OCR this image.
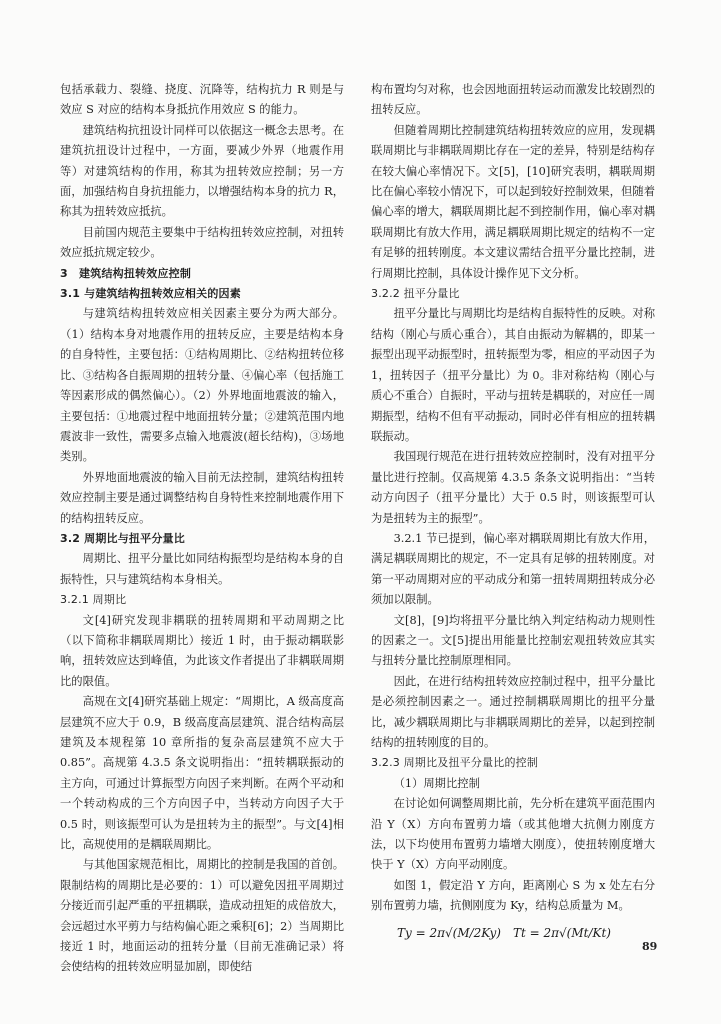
包括承载力、裂缝、挠度、沉降等，结构抗力 R 则是与效应 S 对应的结构本身抵抗作用效应 S 的能力。

建筑结构抗扭设计同样可以依据这一概念去思考。在建筑抗扭设计过程中，一方面，要减少外界（地震作用等）对建筑结构的作用，称其为扭转效应控制；另一方面，加强结构自身抗扭能力，以增强结构本身的抗力 R，称其为扭转效应抵抗。

目前国内规范主要集中于结构扭转效应控制，对扭转效应抵抗规定较少。

3　建筑结构扭转效应控制

3.1 与建筑结构扭转效应相关的因素

与建筑结构扭转效应相关因素主要分为两大部分。（1）结构本身对地震作用的扭转反应，主要是结构本身的自身特性，主要包括：①结构周期比、②结构扭转位移比、③结构各自振周期的扭转分量、④偏心率（包括施工等因素形成的偶然偏心）。（2）外界地面地震波的输入，主要包括：①地震过程中地面扭转分量；②建筑范围内地震波非一致性，需要多点输入地震波(超长结构)，③场地类别。

外界地面地震波的输入目前无法控制，建筑结构扭转效应控制主要是通过调整结构自身特性来控制地震作用下的结构扭转反应。

3.2 周期比与扭平分量比

周期比、扭平分量比如同结构振型均是结构本身的自振特性，只与建筑结构本身相关。

3.2.1 周期比

文[4]研究发现非耦联的扭转周期和平动周期之比（以下简称非耦联周期比）接近 1 时，由于振动耦联影响，扭转效应达到峰值，为此该文作者提出了非耦联周期比的限值。

高规在文[4]研究基础上规定：“周期比，A 级高度高层建筑不应大于 0.9，B 级高度高层建筑、混合结构高层建筑及本规程第 10 章所指的复杂高层建筑不应大于 0.85”。高规第 4.3.5 条文说明指出：“扭转耦联振动的主方向，可通过计算振型方向因子来判断。在两个平动和一个转动构成的三个方向因子中，当转动方向因子大于 0.5 时，则该振型可认为是扭转为主的振型”。与文[4]相比，高规使用的是耦联周期比。

与其他国家规范相比，周期比的控制是我国的首创。限制结构的周期比是必要的：1）可以避免因扭平周期过分接近而引起严重的平扭耦联，造成动扭矩的成倍放大，会远超过水平剪力与结构偏心距之乘积[6]；2）当周期比接近 1 时，地面运动的扭转分量（目前无准确记录）将会使结构的扭转效应明显加剧，即使结

构布置均匀对称，也会因地面扭转运动而激发比较剧烈的扭转反应。

但随着周期比控制建筑结构扭转效应的应用，发现耦联周期比与非耦联周期比存在一定的差异，特别是结构存在较大偏心率情况下。文[5]，[10]研究表明，耦联周期比在偏心率较小情况下，可以起到较好控制效果，但随着偏心率的增大，耦联周期比起不到控制作用，偏心率对耦联周期比有放大作用，满足耦联周期比规定的结构不一定有足够的扭转刚度。本文建议需结合扭平分量比控制，进行周期比控制，具体设计操作见下文分析。

3.2.2 扭平分量比

扭平分量比与周期比均是结构自振特性的反映。对称结构（刚心与质心重合），其自由振动为解耦的，即某一振型出现平动振型时，扭转振型为零，相应的平动因子为 1，扭转因子（扭平分量比）为 0。非对称结构（刚心与质心不重合）自振时，平动与扭转是耦联的，对应任一周期振型，结构不但有平动振动，同时必伴有相应的扭转耦联振动。

我国现行规范在进行扭转效应控制时，没有对扭平分量比进行控制。仅高规第 4.3.5 条条文说明指出：“当转动方向因子（扭平分量比）大于 0.5 时，则该振型可认为是扭转为主的振型”。

3.2.1 节已提到，偏心率对耦联周期比有放大作用，满足耦联周期比的规定，不一定具有足够的扭转刚度。对第一平动周期对应的平动成分和第一扭转周期扭转成分必须加以限制。

文[8]，[9]均将扭平分量比纳入判定结构动力规则性的因素之一。文[5]提出用能量比控制宏观扭转效应其实与扭转分量比控制原理相同。

因此，在进行结构扭转效应控制过程中，扭平分量比是必须控制因素之一。通过控制耦联周期比的扭平分量比，减少耦联周期比与非耦联周期比的差异，以起到控制结构的扭转刚度的目的。

3.2.3 周期比及扭平分量比的控制

（1）周期比控制

在讨论如何调整周期比前，先分析在建筑平面范围内沿 Y（X）方向布置剪力墙（或其他增大抗侧力刚度方法，以下均使用布置剪力墙增大刚度），使扭转刚度增大快于 Y（X）方向平动刚度。

如图 1，假定沿 Y 方向，距离刚心 S 为 x 处左右分别布置剪力墙，抗侧刚度为 Ky，结构总质量为 M。

Ty = 2π√(M/2Ky) Tt = 2π√(Mt/Kt)
89
